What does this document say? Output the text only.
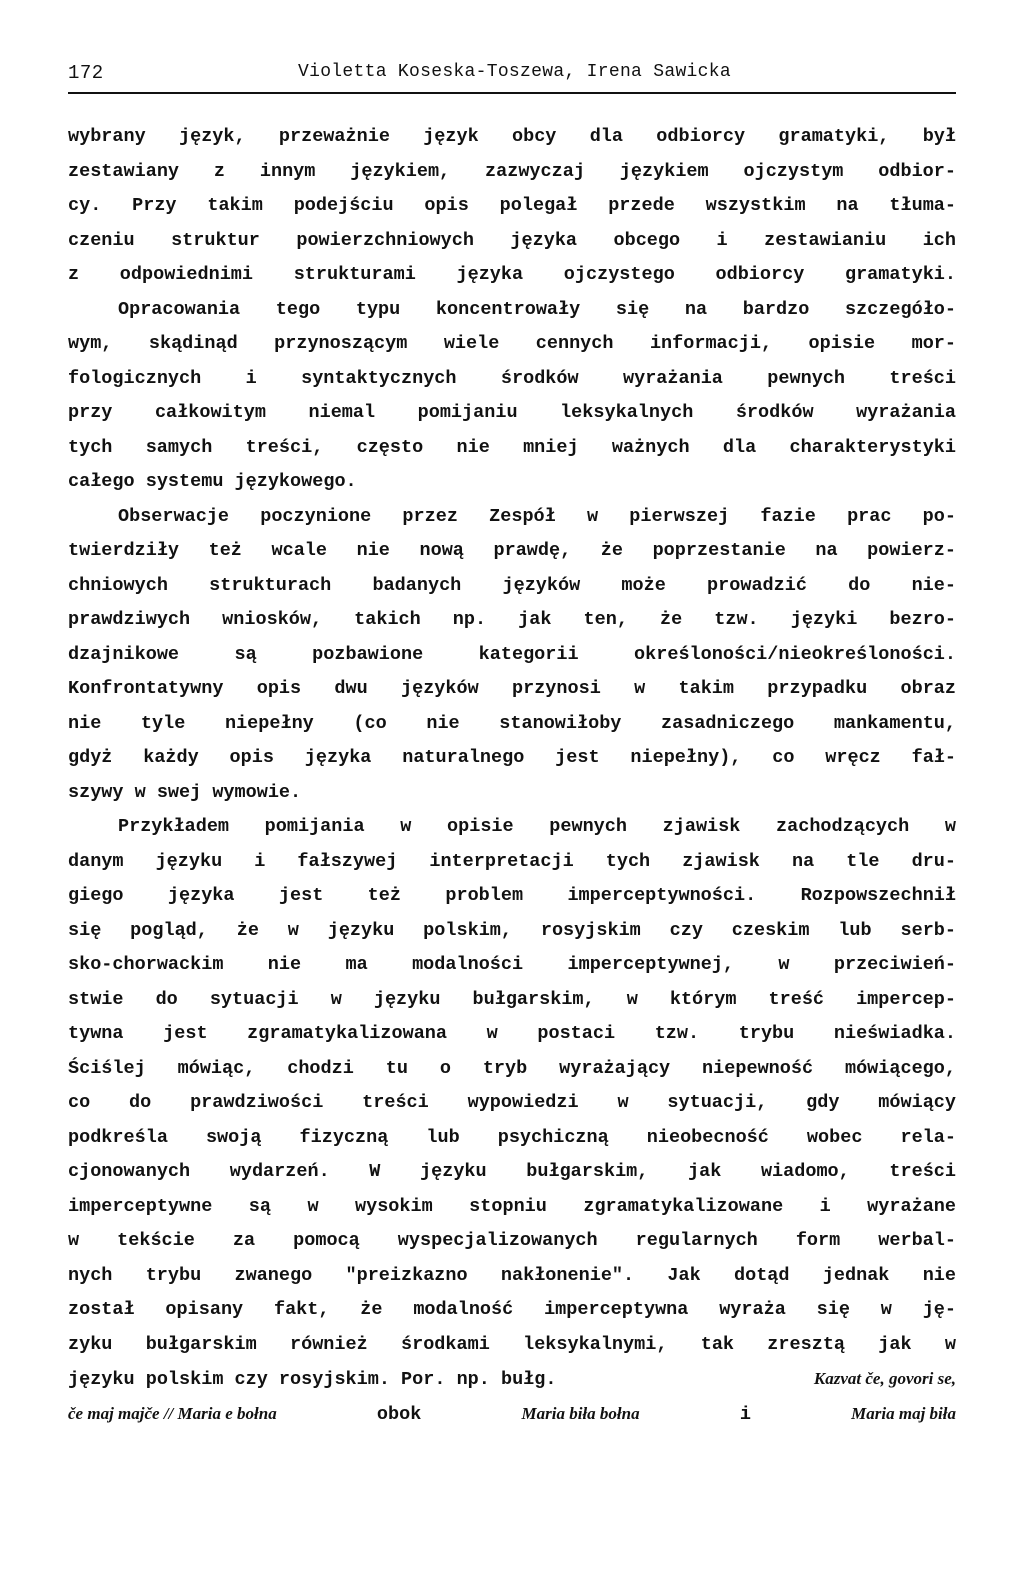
172	Violetta Koseska-Toszewa, Irena Sawicka
wybrany język, przeważnie język obcy dla odbiorcy gramatyki, był
zestawiany z innym językiem, zazwyczaj językiem ojczystym odbior-
cy. Przy takim podejściu opis polegał przede wszystkim na tłuma-
czeniu struktur powierzchniowych języka obcego i zestawianiu ich
z odpowiednimi strukturami języka ojczystego odbiorcy gramatyki.
Opracowania tego typu koncentrowały się na bardzo szczegóło-
wym, skądinąd przynoszącym wiele cennych informacji, opisie mor-
fologicznych i syntaktycznych środków wyrażania pewnych treści
przy całkowitym niemal pomijaniu leksykalnych środków wyrażania
tych samych treści, często nie mniej ważnych dla charakterystyki
całego systemu językowego.
Obserwacje poczynione przez Zespół w pierwszej fazie prac po-
twierdziły też wcale nie nową prawdę, że poprzestanie na powierz-
chniowych strukturach badanych języków może prowadzić do nie-
prawdziwych wniosków, takich np. jak ten, że tzw. języki bezro-
dzajnikowe są pozbawione kategorii określoności/nieokreśloności.
Konfrontatywny opis dwu języków przynosi w takim przypadku obraz
nie tyle niepełny (co nie stanowiłoby zasadniczego mankamentu,
gdyż każdy opis języka naturalnego jest niepełny), co wręcz fał-
szywy w swej wymowie.
Przykładem pomijania w opisie pewnych zjawisk zachodzących w
danym języku i fałszywej interpretacji tych zjawisk na tle dru-
giego języka jest też problem imperceptywności. Rozpowszechnił
się pogląd, że w języku polskim, rosyjskim czy czeskim lub serb-
sko-chorwackim nie ma modalności imperceptywnej, w przeciwień-
stwie do sytuacji w języku bułgarskim, w którym treść impercep-
tywna jest zgramatykalizowana w postaci tzw. trybu nieświadka.
Ściślej mówiąc, chodzi tu o tryb wyrażający niepewność mówiącego,
co do prawdziwości treści wypowiedzi w sytuacji, gdy mówiący
podkreśla swoją fizyczną lub psychiczną nieobecność wobec rela-
cjonowanych wydarzeń. W języku bułgarskim, jak wiadomo, treści
imperceptywne są w wysokim stopniu zgramatykalizowane i wyrażane
w tekście za pomocą wyspecjalizowanych regularnych form werbal-
nych trybu zwanego "preizkazno nakłonenie". Jak dotąd jednak nie
został opisany fakt, że modalność imperceptywna wyraża się w ję-
zyku bułgarskim również środkami leksykalnymi, tak zresztą jak w
języku polskim czy rosyjskim. Por. np. bułg.	Kazvat če, govori se,
če maj majče // Maria e bołna	obok	Maria biła bołna	i	Maria maj biła
